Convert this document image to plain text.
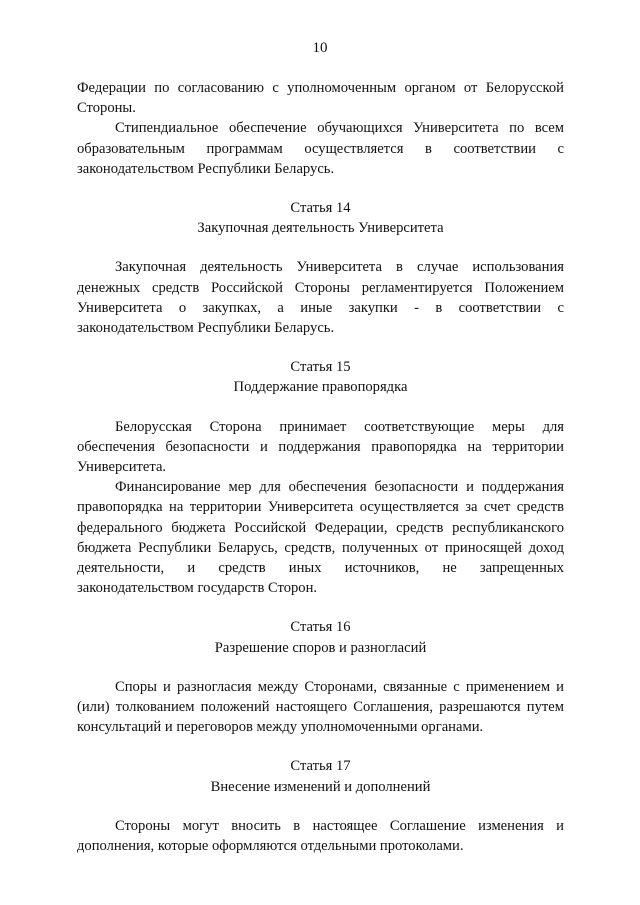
10

Федерации по согласованию с уполномоченным органом от Белорусской Стороны.

Стипендиальное обеспечение обучающихся Университета по всем образовательным программам осуществляется в соответствии с законодательством Республики Беларусь.

Статья 14

Закупочная деятельность Университета

Закупочная деятельность Университета в случае использования денежных средств Российской Стороны регламентируется Положением Университета о закупках, а иные закупки - в соответствии с законодательством Республики Беларусь.

Статья 15

Поддержание правопорядка

Белорусская Сторона принимает соответствующие меры для обеспечения безопасности и поддержания правопорядка на территории Университета.

Финансирование мер для обеспечения безопасности и поддержания правопорядка на территории Университета осуществляется за счет средств федерального бюджета Российской Федерации, средств республиканского бюджета Республики Беларусь, средств, полученных от приносящей доход деятельности, и средств иных источников, не запрещенных законодательством государств Сторон.

Статья 16

Разрешение споров и разногласий

Споры и разногласия между Сторонами, связанные с применением и (или) толкованием положений настоящего Соглашения, разрешаются путем консультаций и переговоров между уполномоченными органами.

Статья 17

Внесение изменений и дополнений

Стороны могут вносить в настоящее Соглашение изменения и дополнения, которые оформляются отдельными протоколами.
